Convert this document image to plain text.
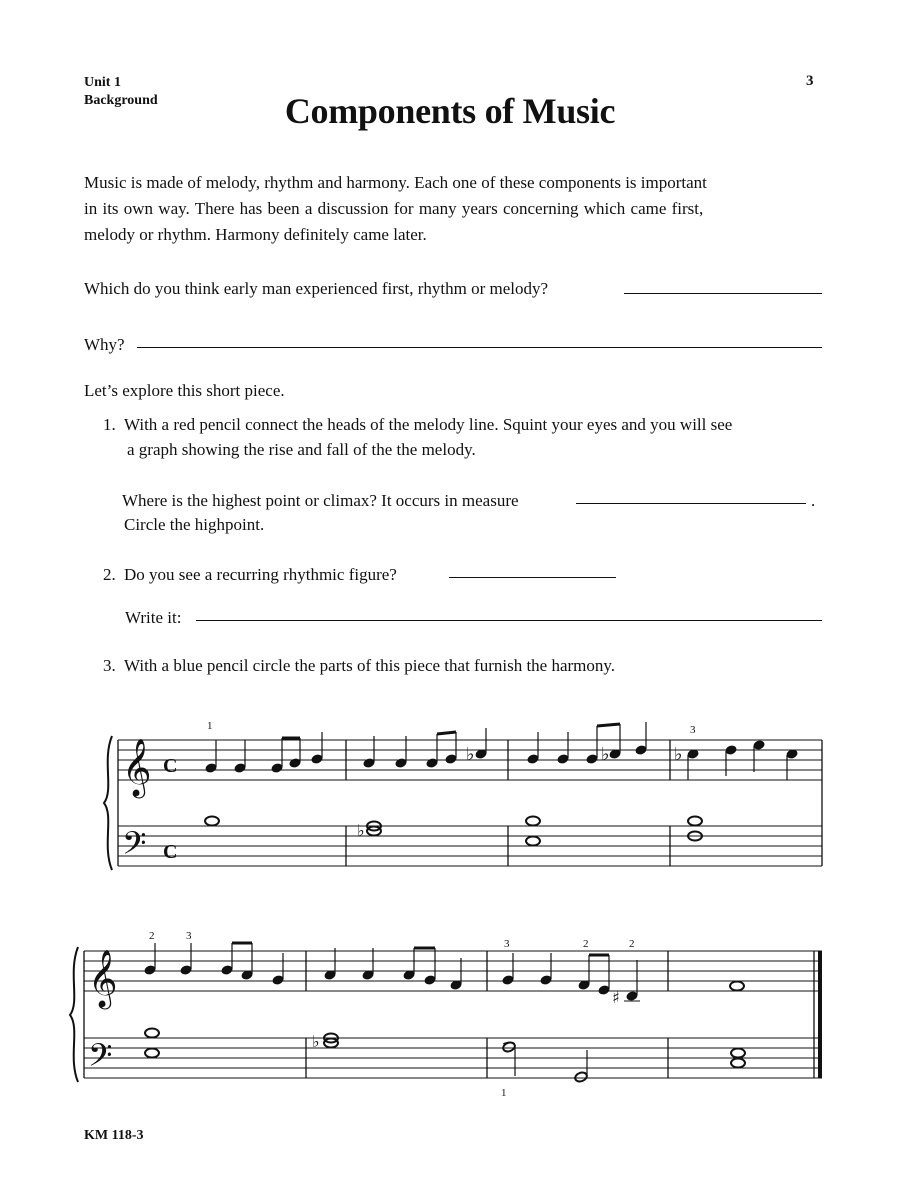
Unit 1
Background
3
Components of Music
Music is made of melody, rhythm and harmony. Each one of these components is important
in its own way. There has been a discussion for many years concerning which came first,
melody or rhythm. Harmony definitely came later.
Which do you think early man experienced first, rhythm or melody?
Why?
Let’s explore this short piece.
1. With a red pencil connect the heads of the melody line. Squint your eyes and you will see
a graph showing the rise and fall of the the melody.
Where is the highest point or climax? It occurs in measure	.
Circle the highpoint.
2. Do you see a recurring rhythmic figure?
Write it:
3. With a blue pencil circle the parts of this piece that furnish the harmony.
𝄞
𝄢
C
C
1	3
♭	♭	♭
♭
𝄞
𝄢
2	3
3	2	2
1
♯
♭
KM 118-3
